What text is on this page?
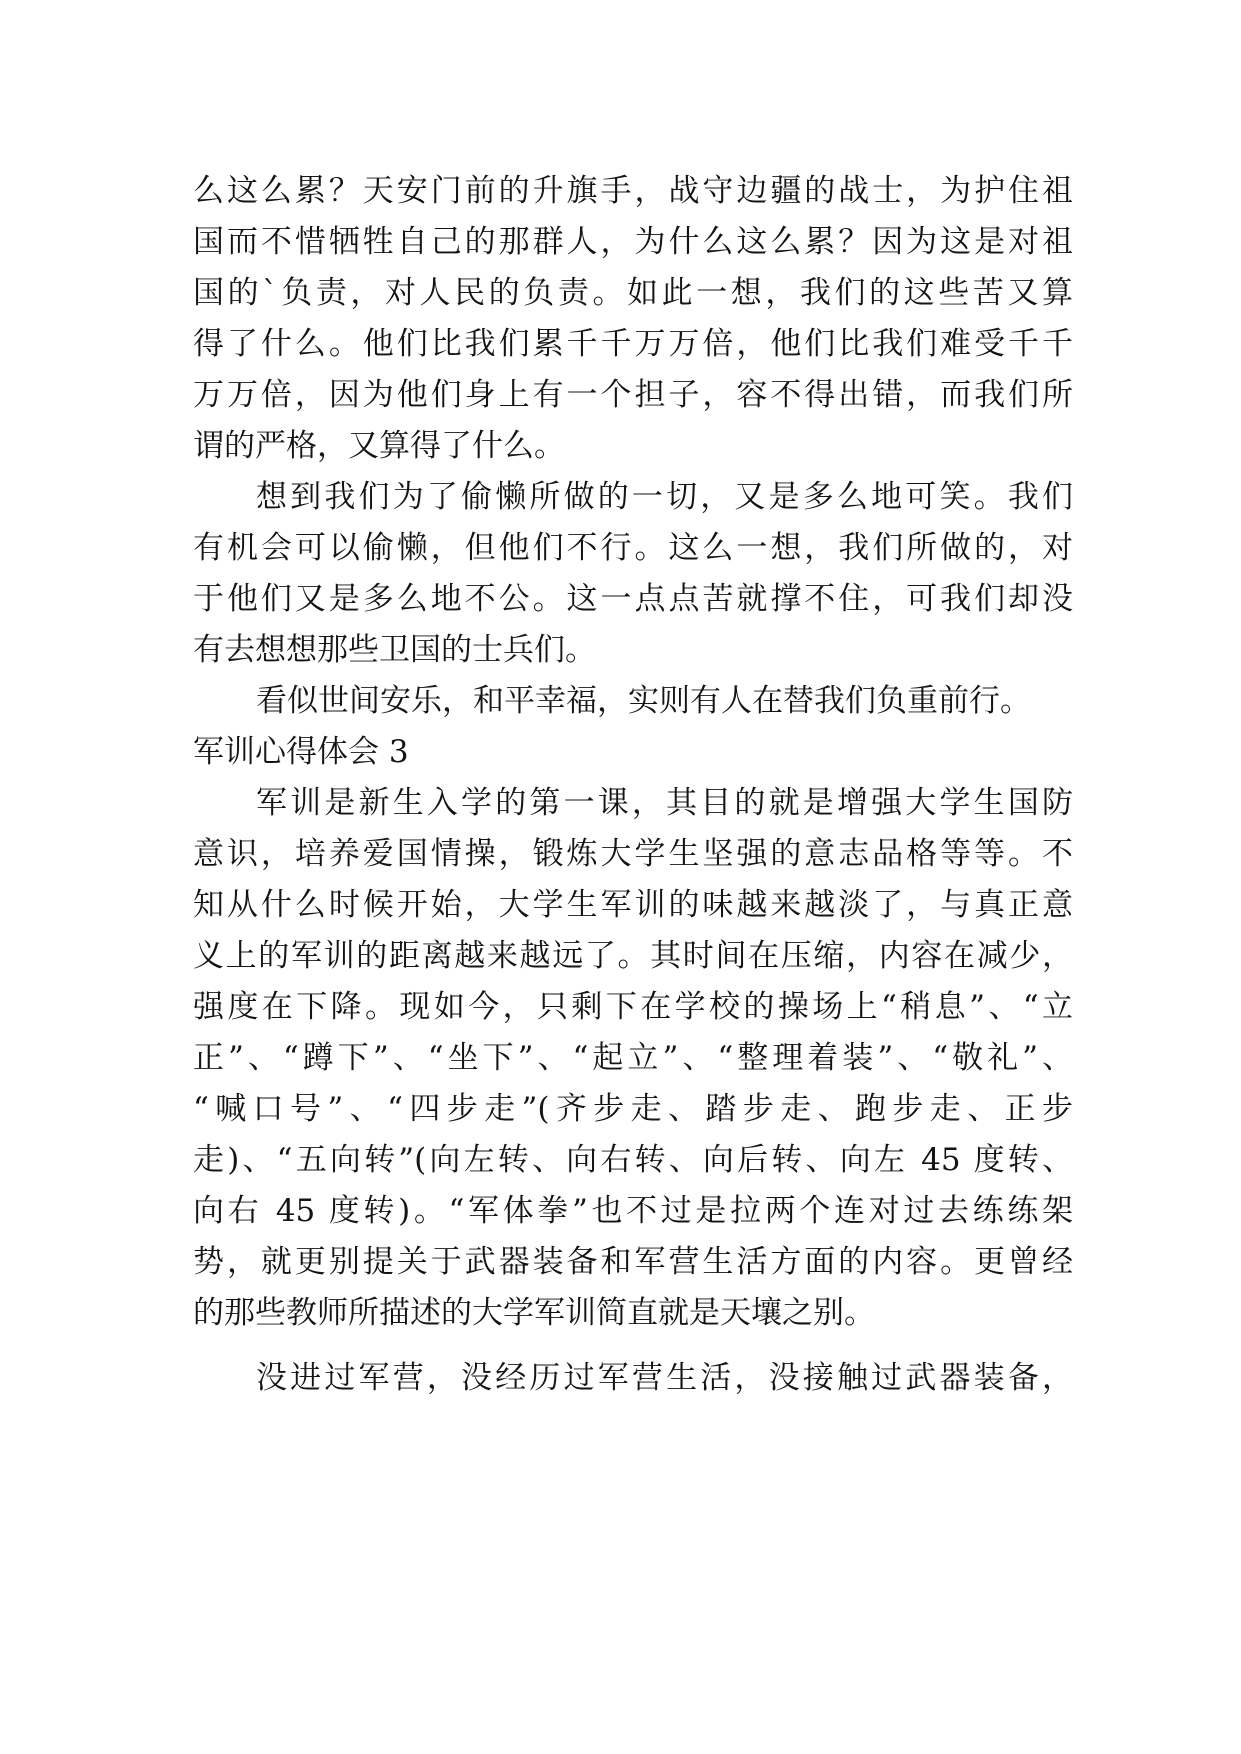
么这么累？天安门前的升旗手，战守边疆的战士，为护住祖

国而不惜牺牲自己的那群人，为什么这么累？因为这是对祖

国的`负责，对人民的负责。如此一想，我们的这些苦又算

得了什么。他们比我们累千千万万倍，他们比我们难受千千

万万倍，因为他们身上有一个担子，容不得出错，而我们所

谓的严格，又算得了什么。

想到我们为了偷懒所做的一切，又是多么地可笑。我们

有机会可以偷懒，但他们不行。这么一想，我们所做的，对

于他们又是多么地不公。这一点点苦就撑不住，可我们却没

有去想想那些卫国的士兵们。

看似世间安乐，和平幸福，实则有人在替我们负重前行。

军训心得体会 3

军训是新生入学的第一课，其目的就是增强大学生国防

意识，培养爱国情操，锻炼大学生坚强的意志品格等等。不

知从什么时候开始，大学生军训的味越来越淡了，与真正意

义上的军训的距离越来越远了。其时间在压缩，内容在减少，

强度在下降。现如今，只剩下在学校的操场上“稍息”、“立

正”、“蹲下”、“坐下”、“起立”、“整理着装”、“敬礼”、

“喊口号”、“四步走”(齐步走、踏步走、跑步走、正步

走)、“五向转”(向左转、向右转、向后转、向左 45 度转、

向右 45 度转)。“军体拳”也不过是拉两个连对过去练练架

势，就更别提关于武器装备和军营生活方面的内容。更曾经

的那些教师所描述的大学军训简直就是天壤之别。

没进过军营，没经历过军营生活，没接触过武器装备，
